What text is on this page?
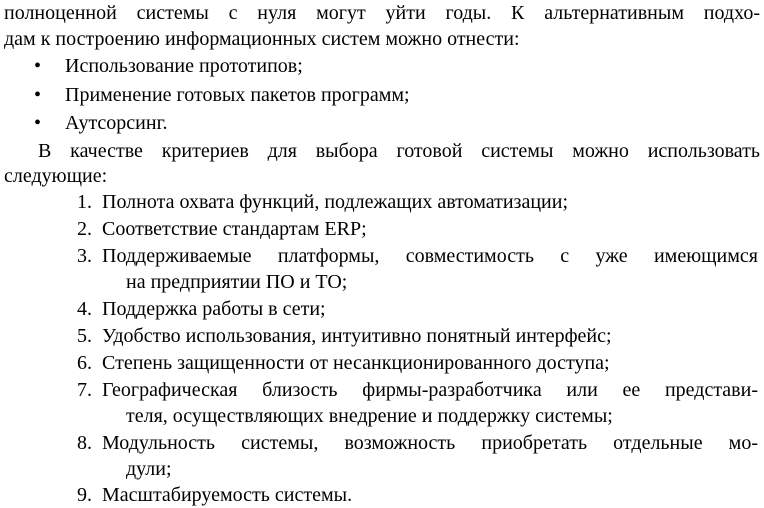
полноценной системы с нуля могут уйти годы. К альтернативным подхо-
дам к построению информационных систем можно отнести:
• Использование прототипов;
• Применение готовых пакетов программ;
• Аутсорсинг.
В качестве критериев для выбора готовой системы можно использовать
следующие:
1. Полнота охвата функций, подлежащих автоматизации;
2. Соответствие стандартам ERP;
3. Поддерживаемые платформы, совместимость с уже имеющимся
на предприятии ПО и ТО;
4. Поддержка работы в сети;
5. Удобство использования, интуитивно понятный интерфейс;
6. Степень защищенности от несанкционированного доступа;
7. Географическая близость фирмы-разработчика или ее представи-
теля, осуществляющих внедрение и поддержку системы;
8. Модульность системы, возможность приобретать отдельные мо-
дули;
9. Масштабируемость системы.
